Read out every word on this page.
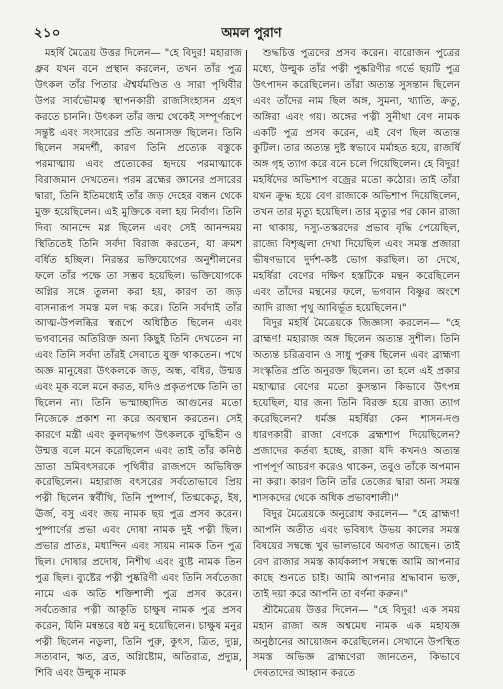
২১০	অমল পুরাণ

মহর্ষি মৈত্রেয় উত্তর দিলেন— "হে বিদুর! মহারাজ ধ্রুব যখন বনে প্রস্থান করলেন, তখন তাঁর পুত্র উৎকল তাঁর পিতার ঐশ্বর্যমণ্ডিত ও সারা পৃথিবীর উপর সার্বভৌমত্ব স্থাপনকারী রাজসিংহাসন গ্রহণ করতে চাননি। উৎকল তাঁর জন্ম থেকেই সম্পূর্ণরূপে সন্তুষ্ট এবং সংসারের প্রতি অনাসক্ত ছিলেন। তিনি ছিলেন সমদর্শী, কারণ তিনি প্রত্যেক বস্তুকে পরমাত্মায় এবং প্রত্যেকের হৃদয়ে পরমাত্মাকে বিরাজমান দেখতেন। পরম ব্রহ্মের জ্ঞানের প্রসারের দ্বারা, তিনি ইতিমধ্যেই তাঁর জড় দেহের বন্ধন থেকে মুক্ত হয়েছিলেন। এই মুক্তিকে বলা হয় নির্বাণ। তিনি দিব্য আনন্দে মগ্ন ছিলেন এবং সেই আনন্দময় স্থিতিতেই তিনি সর্বদা বিরাজ করতেন, যা ক্রমশ বর্ধিত হচ্ছিল। নিরন্তর ভক্তিযোগের অনুশীলনের ফলে তাঁর পক্ষে তা সম্ভব হয়েছিল। ভক্তিযোগকে অগ্নির সঙ্গে তুলনা করা হয়, কারণ তা জড় বাসনারূপ সমস্ত মল দগ্ধ করে। তিনি সর্বদাই তাঁর আত্ম-উপলব্ধির স্বরূপে অধিষ্ঠিত ছিলেন এবং ভগবানের অতিরিক্ত অন্য কিছুই তিনি দেখতেন না এবং তিনি সর্বদা তাঁরই সেবাতে যুক্ত থাকতেন। পথে অজ্ঞ মানুষেরা উৎকলকে জড়, অন্ধ, বধির, উন্মত্ত এবং মূক বলে মনে করত, যদিও প্রকৃতপক্ষে তিনি তা ছিলেন না। তিনি ভস্মাচ্ছাদিত আগুনের মতো নিজেকে প্রকাশ না করে অবস্থান করতেন। সেই কারণে মন্ত্রী এবং কুলবৃদ্ধগণ উৎকলকে বুদ্ধিহীন ও উন্মত্ত বলে মনে করেছিলেন এবং তাই তাঁর কনিষ্ঠ ভ্রাতা ভ্রমিবৎসরকে পৃথিবীর রাজপদে অভিষিক্ত করেছিলেন। মহারাজ বৎসরের সর্বতোভাবে প্রিয় পত্নী ছিলেন স্বর্বীথি, তিনি পুষ্পার্ণ, তিগ্মকেতু, ইষ, ঊর্জ, বসু এবং জয় নামক ছয় পুত্র প্রসব করেন। পুষ্পার্ণের প্রভা এবং দোষা নামক দুই পত্নী ছিল। প্রভার প্রাতঃ, মধ্যন্দিন এবং সায়ম নামক তিন পুত্র ছিল। দোষার প্রদোষ, নিশীথ এবং ব্যুষ্ট নামক তিন পুত্র ছিল। ব্যুষ্টের পত্নী পুষ্করিণী এবং তিনি সর্বতেজা নামে এক অতি শক্তিশালী পুত্র প্রসব করেন। সর্বতেজার পত্নী আকূতি চাক্ষুষ নামক পুত্র প্রসব করেন, যিনি মন্বন্তরে ষষ্ঠ মনু হয়েছিলেন। চাক্ষুষ মনুর পত্নী ছিলেন নড্বলা, তিনি পুরু, কুৎস, ত্রিত, দ্যুম্ন, সত্যবান, ঋত, ব্রত, অগ্নিষ্টোম, অতিরাত্র, প্রদ্যুম্ন, শিবি এবং উল্মুক নামক

শুদ্ধচিত্ত পুত্রদের প্রসব করেন। বারোজন পুত্রের মধ্যে, উল্মুক তাঁর পত্নী পুষ্করিণীর গর্ভে ছয়টি পুত্র উৎপাদন করেছিলেন। তাঁরা অত্যন্ত সুসন্তান ছিলেন এবং তাঁদের নাম ছিল অঙ্গ, সুমনা, খ্যাতি, ক্রতু, অঙ্গিরা এবং গয়। অঙ্গের পত্নী সুনীথা বেণ নামক একটি পুত্র প্রসব করেন, এই বেণ ছিল অত্যন্ত কুটিল। তার অত্যন্ত দুষ্ট স্বভাবে মর্মাহত হয়ে, রাজর্ষি অঙ্গ গৃহ ত্যাগ করে বনে চলে গিয়েছিলেন। হে বিদুর! মহর্ষিদের অভিশাপ বজ্রের মতো কঠোর। তাই তাঁরা যখন ক্রুদ্ধ হয়ে বেণ রাজাকে অভিশাপ দিয়েছিলেন, তখন তার মৃত্যু হয়েছিল। তার মৃত্যুর পর কোন রাজা না থাকায়, দস্যু-তস্করদের প্রভাব বৃদ্ধি পেয়েছিল, রাজ্যে বিশৃঙ্খলা দেখা দিয়েছিল এবং সমস্ত প্রজারা ভীষণভাবে দুর্দশ-কষ্ট ভোগ করছিল। তা দেখে, মহর্ষিরা বেণের দক্ষিণ হস্তটিকে মন্থন করেছিলেন এবং তাঁদের মন্থনের ফলে, ভগবান বিষ্ণুর অংশে আদি রাজা পৃথু আবির্ভূত হয়েছিলেন।"

বিদুর মহর্ষি মৈত্রেয়কে জিজ্ঞাসা করলেন— "হে ব্রাহ্মণ! মহারাজ অঙ্গ ছিলেন অত্যন্ত সুশীল। তিনি অত্যন্ত চরিত্রবান ও সাধু পুরুষ ছিলেন এবং ব্রাহ্মণ্য সংস্কৃতির প্রতি অনুরক্ত ছিলেন। তা হলে এই প্রকার মহাত্মার বেণের মতো কুসন্তান কিভাবে উৎপন্ন হয়েছিল, যার জন্য তিনি বিরক্ত হয়ে রাজ্য ত্যাগ করেছিলেন? ধর্মজ্ঞ মহর্ষিরা কেন শাসন-দণ্ড ধারণকারী রাজা বেণকে ব্রহ্মশাপ দিয়েছিলেন? প্রজাদের কর্তব্য হচ্ছে, রাজা যদি কখনও অত্যন্ত পাপপূর্ণ আচরণ করেও থাকেন, তবুও তাঁকে অপমান না করা। কারণ তিনি তাঁর তেজের দ্বারা অন্য সমস্ত শাসকদের থেকে অধিক প্রভাবশালী।"

বিদুর মৈত্রেয়কে অনুরোধ করলেন— "হে ব্রাহ্মণ! আপনি অতীত এবং ভবিষ্যৎ উভয় কালের সমস্ত বিষয়ের সম্বন্ধে খুব ভালভাবে অবগত আছেন। তাই বেণ রাজার সমস্ত কার্যকলাপ সম্বন্ধে আমি আপনার কাছে শুনতে চাই। আমি আপনার শ্রদ্ধাবান ভক্ত, তাই দয়া করে আপনি তা বর্ণনা করুন।"

শ্রীমৈত্রেয় উত্তর দিলেন— "হে বিদুর! এক সময় মহান রাজা অঙ্গ অশ্বমেধ নামক এক মহাযজ্ঞ অনুষ্ঠানের আয়োজন করেছিলেন। সেখানে উপস্থিত সমস্ত অভিজ্ঞ ব্রাহ্মণেরা জানতেন, কিভাবে দেবতাদের আহ্বান করতে
